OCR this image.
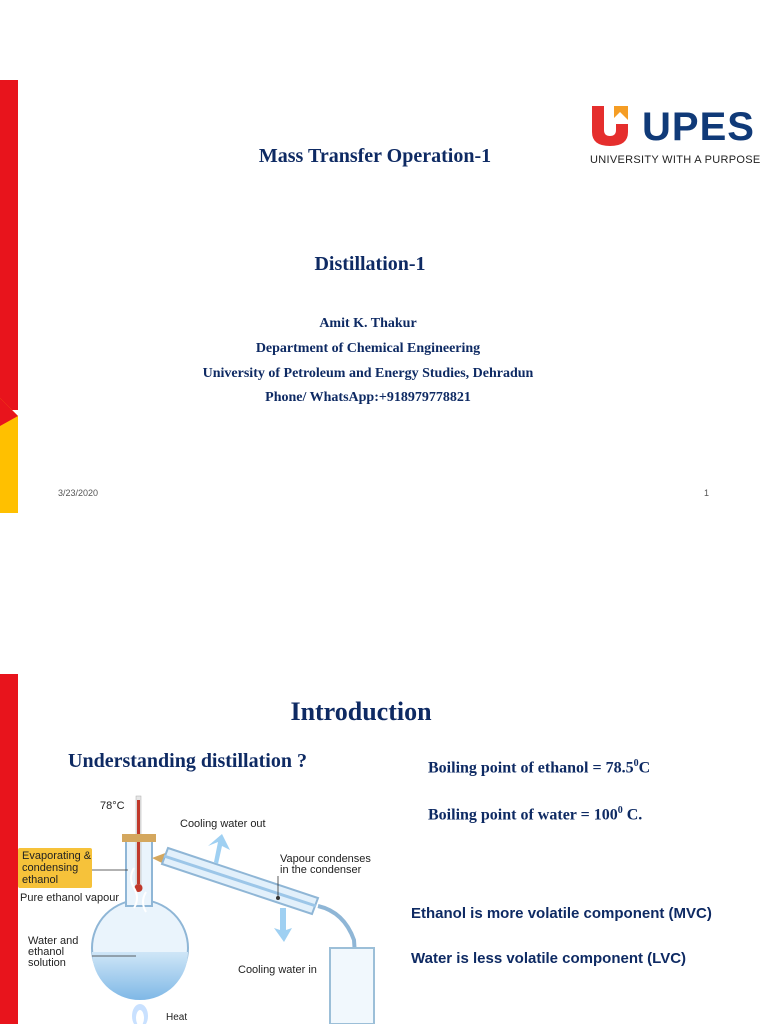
UPES
UNIVERSITY WITH A PURPOSE
Mass Transfer Operation-1
Distillation-1
Amit K. Thakur
Department of Chemical Engineering
University of Petroleum and Energy Studies, Dehradun
Phone/ WhatsApp:+918979778821
3/23/2020	1
Introduction
Understanding distillation ?	Boiling point of ethanol = $78.5^0C$
Boiling point of water = $100^0$ C.
Ethanol is more volatile component (MVC)
Water is less volatile component (LVC)
78°C
Cooling water out
Vapour condenses
in the condenser
Evaporating &
condensing
ethanol
Pure ethanol vapour
Water and
ethanol
solution
Cooling water in
Heat
